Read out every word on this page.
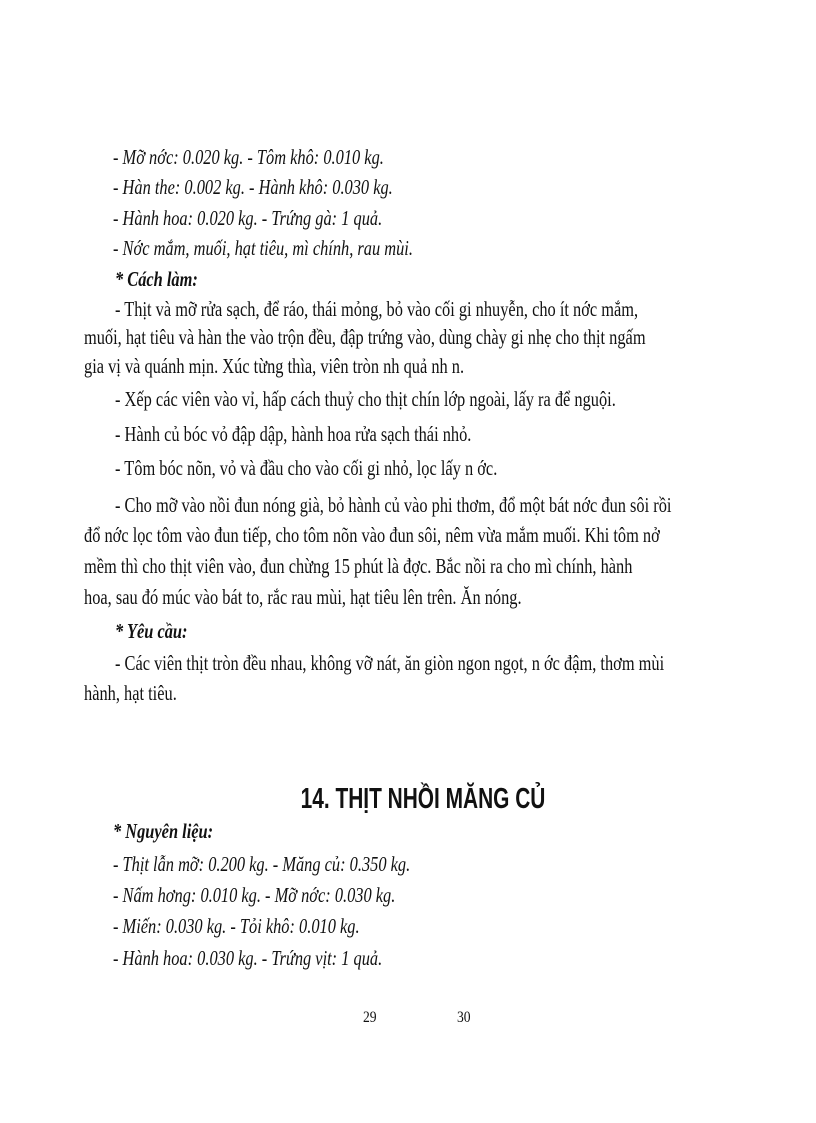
- Mỡ nớc: 0.020 kg. - Tôm khô: 0.010 kg.
- Hàn the: 0.002 kg. - Hành khô: 0.030 kg.
- Hành hoa: 0.020 kg. - Trứng gà: 1 quả.
- Nớc mắm, muối, hạt tiêu, mì chính, rau mùi.
* Cách làm:
- Thịt và mỡ rửa sạch, để ráo, thái mỏng, bỏ vào cối gi nhuyễn, cho ít nớc mắm,
muối, hạt tiêu và hàn the vào trộn đều, đập trứng vào, dùng chày gi nhẹ cho thịt ngấm
gia vị và quánh mịn. Xúc từng thìa, viên tròn nh quả nh n.
- Xếp các viên vào vỉ, hấp cách thuỷ cho thịt chín lớp ngoài, lấy ra để nguội.
- Hành củ bóc vỏ đập dập, hành hoa rửa sạch thái nhỏ.
- Tôm bóc nõn, vỏ và đầu cho vào cối gi nhỏ, lọc lấy n ớc.
- Cho mỡ vào nồi đun nóng già, bỏ hành củ vào phi thơm, đổ một bát nớc đun sôi rồi
đổ nớc lọc tôm vào đun tiếp, cho tôm nõn vào đun sôi, nêm vừa mắm muối. Khi tôm nở
mềm thì cho thịt viên vào, đun chừng 15 phút là đợc. Bắc nồi ra cho mì chính, hành
hoa, sau đó múc vào bát to, rắc rau mùi, hạt tiêu lên trên. Ăn nóng.
* Yêu cầu:
- Các viên thịt tròn đều nhau, không vỡ nát, ăn giòn ngon ngọt, n ớc đậm, thơm mùi
hành, hạt tiêu.
14. THỊT NHỒI MĂNG CỦ
* Nguyên liệu:
- Thịt lẫn mỡ: 0.200 kg. - Măng củ: 0.350 kg.
- Nấm hơng: 0.010 kg. - Mỡ nớc: 0.030 kg.
- Miến: 0.030 kg. - Tỏi khô: 0.010 kg.
- Hành hoa: 0.030 kg. - Trứng vịt: 1 quả.
29	30
